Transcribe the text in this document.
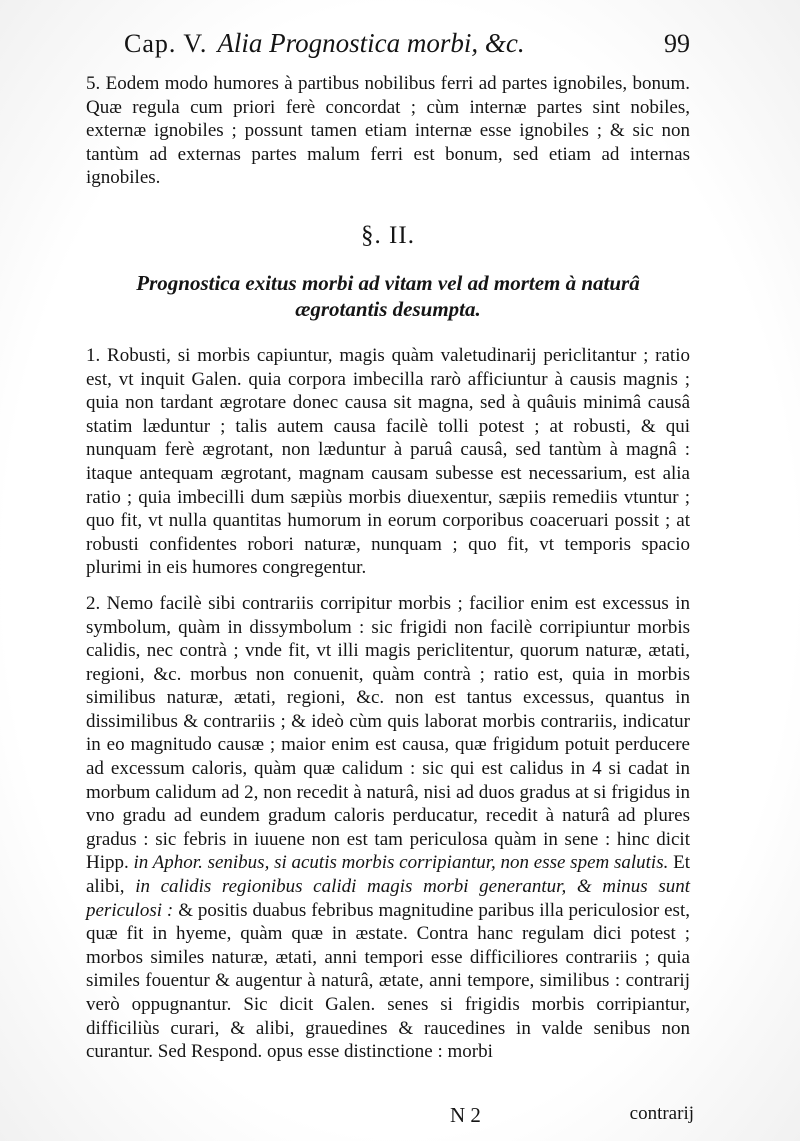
Cap. V. Alia Prognostica morbi, &c.	99

5. Eodem modo humores à partibus nobilibus ferri ad partes ignobiles, bonum. Quæ regula cum priori ferè concordat ; cùm internæ partes sint nobiles, externæ ignobiles ; possunt tamen etiam internæ esse ignobiles ; & sic non tantùm ad externas partes malum ferri est bonum, sed etiam ad internas ignobiles.

§. II.
Prognostica exitus morbi ad vitam vel ad mortem à naturâ
ægrotantis desumpta.

1. Robusti, si morbis capiuntur, magis quàm valetudinarij periclitantur ; ratio est, vt inquit Galen. quia corpora imbecilla rarò afficiuntur à causis magnis ; quia non tardant ægrotare donec causa sit magna, sed à quâuis minimâ causâ statim læduntur ; talis autem causa facilè tolli potest ; at robusti, & qui nunquam ferè ægrotant, non læduntur à paruâ causâ, sed tantùm à magnâ : itaque antequam ægrotant, magnam causam subesse est necessarium, est alia ratio ; quia imbecilli dum sæpiùs morbis diuexentur, sæpiis remediis vtuntur ; quo fit, vt nulla quantitas humorum in eorum corporibus coaceruari possit ; at robusti confidentes robori naturæ, nunquam ; quo fit, vt temporis spacio plurimi in eis humores congregentur.

2. Nemo facilè sibi contrariis corripitur morbis ; facilior enim est excessus in symbolum, quàm in dissymbolum : sic frigidi non facilè corripiuntur morbis calidis, nec contrà ; vnde fit, vt illi magis periclitentur, quorum naturæ, ætati, regioni, &c. morbus non conuenit, quàm contrà ; ratio est, quia in morbis similibus naturæ, ætati, regioni, &c. non est tantus excessus, quantus in dissimilibus & contrariis ; & ideò cùm quis laborat morbis contrariis, indicatur in eo magnitudo causæ ; maior enim est causa, quæ frigidum potuit perducere ad excessum caloris, quàm quæ calidum : sic qui est calidus in 4 si cadat in morbum calidum ad 2, non recedit à naturâ, nisi ad duos gradus at si frigidus in vno gradu ad eundem gradum caloris perducatur, recedit à naturâ ad plures gradus : sic febris in iuuene non est tam periculosa quàm in sene : hinc dicit Hipp. in Aphor. senibus, si acutis morbis corripiantur, non esse spem salutis. Et alibi, in calidis regionibus calidi magis morbi generantur, & minus sunt periculosi : & positis duabus febribus magnitudine paribus illa periculosior est, quæ fit in hyeme, quàm quæ in æstate. Contra hanc regulam dici potest ; morbos similes naturæ, ætati, anni tempori esse difficiliores contrariis ; quia similes fouentur & augentur à naturâ, ætate, anni tempore, similibus : contrarij verò oppugnantur. Sic dicit Galen. senes si frigidis morbis corripiantur, difficiliùs curari, & alibi, grauedines & raucedines in valde senibus non curantur. Sed Respond. opus esse distinctione : morbi

N 2	contrarij
